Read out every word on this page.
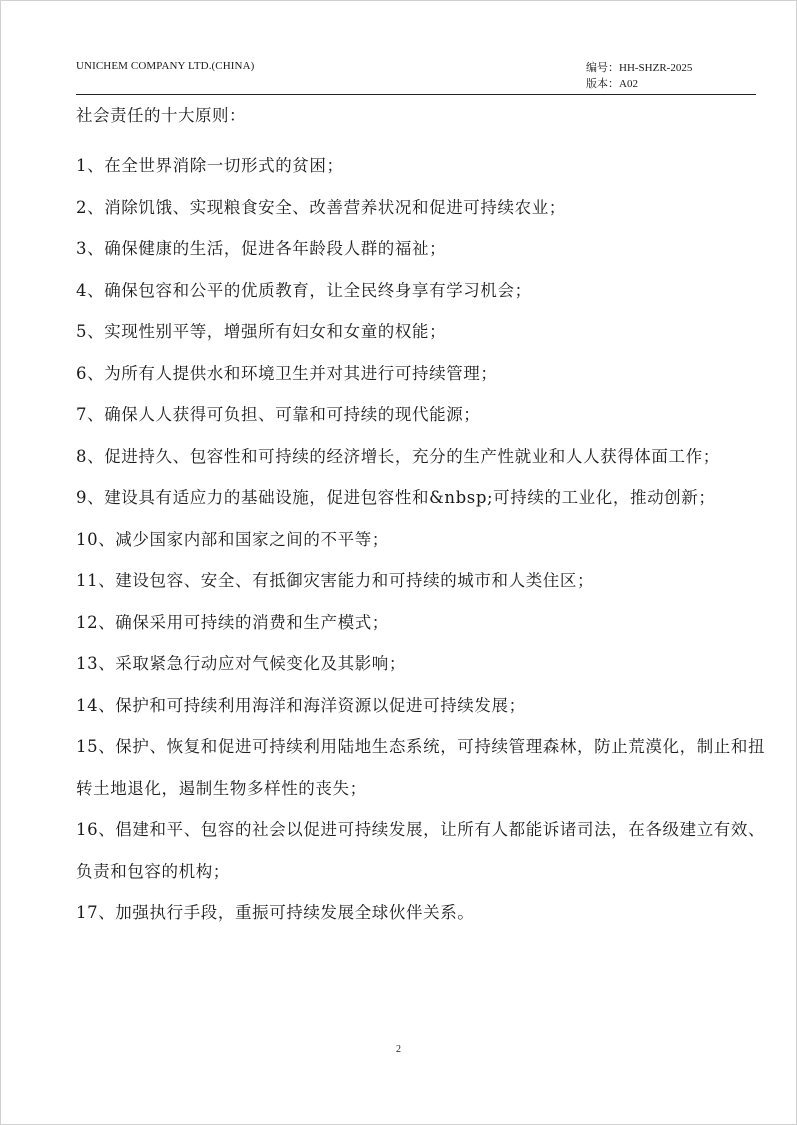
UNICHEM COMPANY LTD.(CHINA)	编号：HH-SHZR-2025
版本：A02

社会责任的十大原则：

1、在全世界消除一切形式的贫困；
2、消除饥饿、实现粮食安全、改善营养状况和促进可持续农业；
3、确保健康的生活，促进各年龄段人群的福祉；
4、确保包容和公平的优质教育，让全民终身享有学习机会；
5、实现性别平等，增强所有妇女和女童的权能；
6、为所有人提供水和环境卫生并对其进行可持续管理；
7、确保人人获得可负担、可靠和可持续的现代能源；
8、促进持久、包容性和可持续的经济增长，充分的生产性就业和人人获得体面工作；
9、建设具有适应力的基础设施，促进包容性和&nbsp;可持续的工业化，推动创新；
10、减少国家内部和国家之间的不平等；
11、建设包容、安全、有抵御灾害能力和可持续的城市和人类住区；
12、确保采用可持续的消费和生产模式；
13、采取紧急行动应对气候变化及其影响；
14、保护和可持续利用海洋和海洋资源以促进可持续发展；
15、保护、恢复和促进可持续利用陆地生态系统，可持续管理森林，防止荒漠化，制止和扭转土地退化，遏制生物多样性的丧失；
16、倡建和平、包容的社会以促进可持续发展，让所有人都能诉诸司法，在各级建立有效、负责和包容的机构；
17、加强执行手段，重振可持续发展全球伙伴关系。
2
